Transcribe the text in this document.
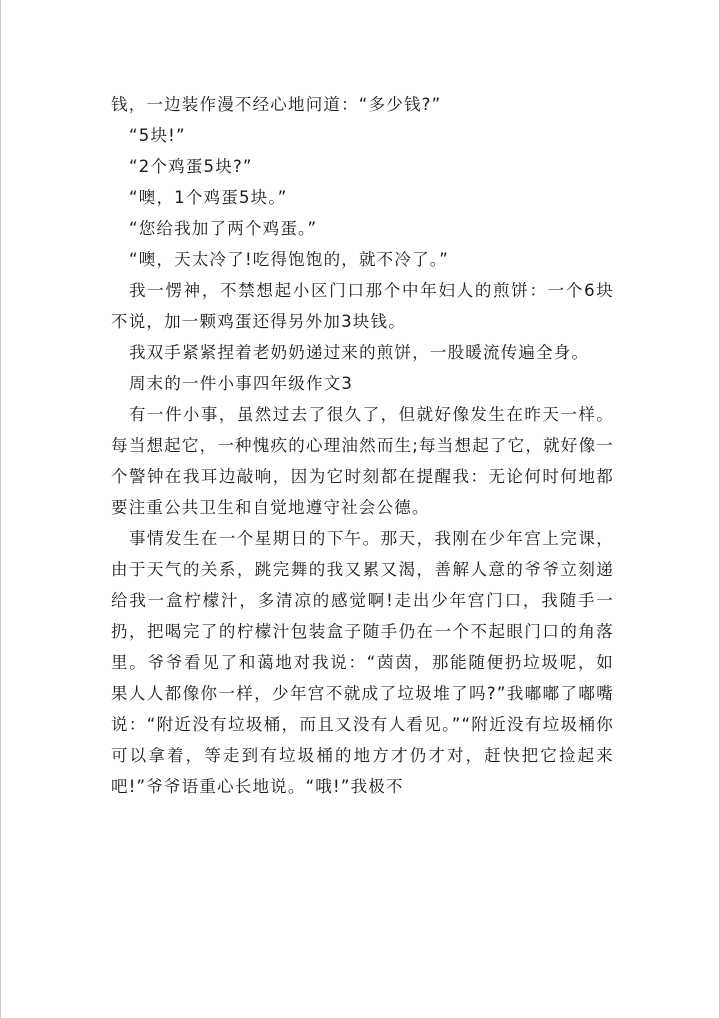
钱，一边装作漫不经心地问道：“多少钱?”

“5块!”

“2个鸡蛋5块?”

“噢，1个鸡蛋5块。”

“您给我加了两个鸡蛋。”

“噢，天太冷了!吃得饱饱的，就不冷了。”

我一愣神，不禁想起小区门口那个中年妇人的煎饼：一个6块不说，加一颗鸡蛋还得另外加3块钱。

我双手紧紧捏着老奶奶递过来的煎饼，一股暖流传遍全身。

周末的一件小事四年级作文3

有一件小事，虽然过去了很久了，但就好像发生在昨天一样。每当想起它，一种愧疚的心理油然而生;每当想起了它，就好像一个警钟在我耳边敲响，因为它时刻都在提醒我：无论何时何地都要注重公共卫生和自觉地遵守社会公德。

事情发生在一个星期日的下午。那天，我刚在少年宫上完课，由于天气的关系，跳完舞的我又累又渴，善解人意的爷爷立刻递给我一盒柠檬汁，多清凉的感觉啊!走出少年宫门口，我随手一扔，把喝完了的柠檬汁包装盒子随手仍在一个不起眼门口的角落里。爷爷看见了和蔼地对我说：“茵茵，那能随便扔垃圾呢，如果人人都像你一样，少年宫不就成了垃圾堆了吗?”我嘟嘟了嘟嘴说：“附近没有垃圾桶，而且又没有人看见。”“附近没有垃圾桶你可以拿着，等走到有垃圾桶的地方才仍才对，赶快把它捡起来吧!”爷爷语重心长地说。“哦!”我极不
